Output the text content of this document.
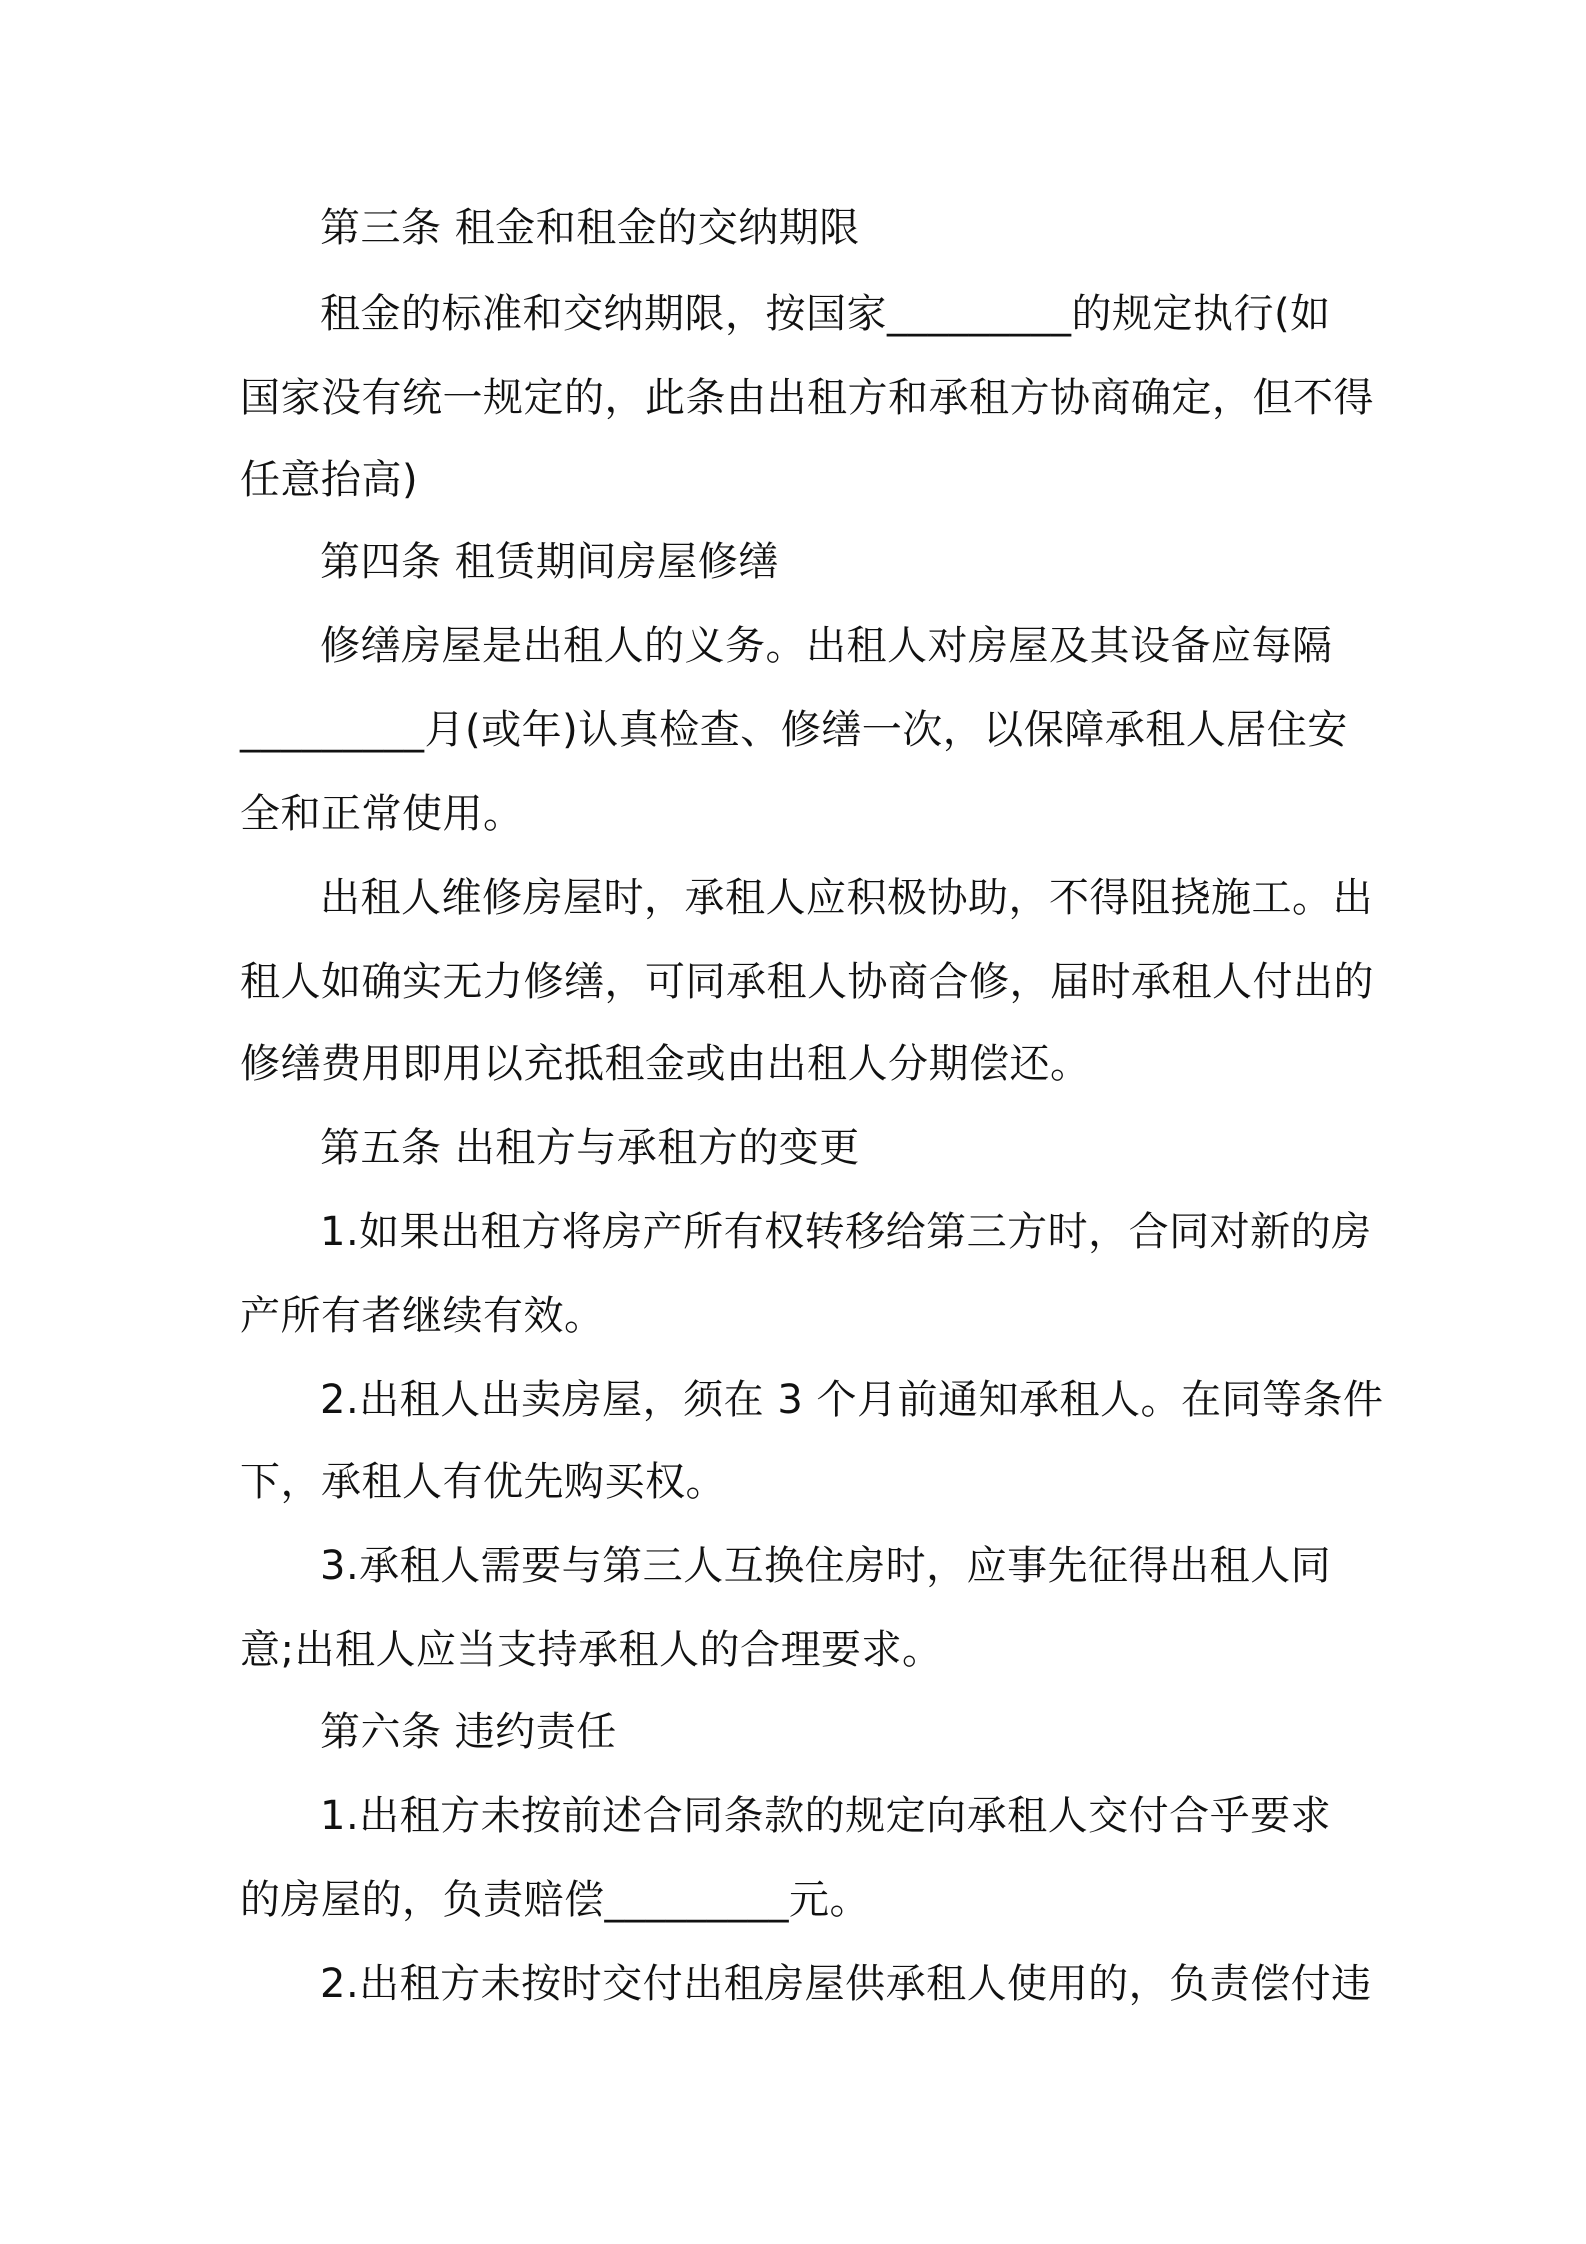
第三条 租金和租金的交纳期限
租金的标准和交纳期限，按国家_________的规定执行(如
国家没有统一规定的，此条由出租方和承租方协商确定，但不得
任意抬高)
第四条 租赁期间房屋修缮
修缮房屋是出租人的义务。出租人对房屋及其设备应每隔
_________月(或年)认真检查、修缮一次，以保障承租人居住安
全和正常使用。
出租人维修房屋时，承租人应积极协助，不得阻挠施工。出
租人如确实无力修缮，可同承租人协商合修，届时承租人付出的
修缮费用即用以充抵租金或由出租人分期偿还。
第五条 出租方与承租方的变更
1.如果出租方将房产所有权转移给第三方时，合同对新的房
产所有者继续有效。
2.出租人出卖房屋，须在 3 个月前通知承租人。在同等条件
下，承租人有优先购买权。
3.承租人需要与第三人互换住房时，应事先征得出租人同
意;出租人应当支持承租人的合理要求。
第六条 违约责任
1.出租方未按前述合同条款的规定向承租人交付合乎要求
的房屋的，负责赔偿_________元。
2.出租方未按时交付出租房屋供承租人使用的，负责偿付违
